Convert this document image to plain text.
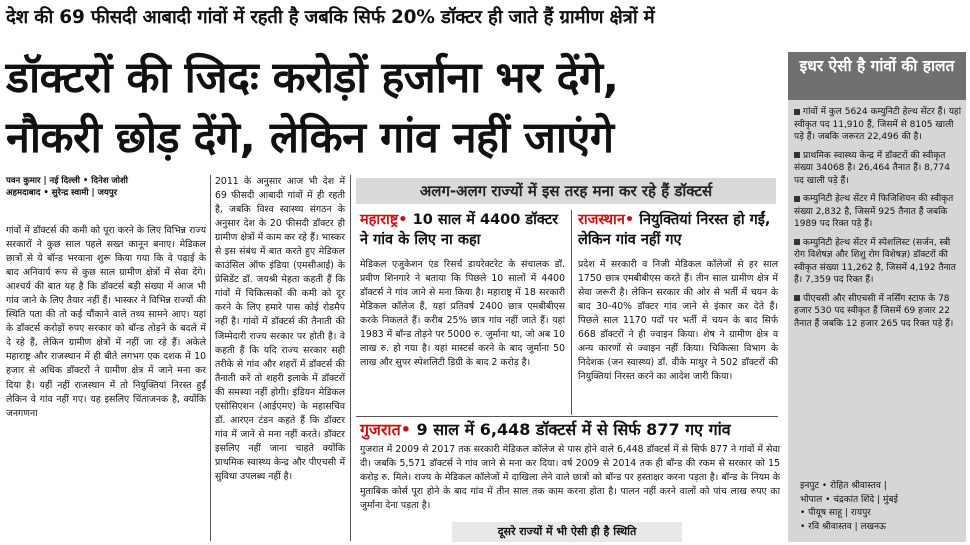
देश की 69 फीसदी आबादी गांवों में रहती है जबकि सिर्फ 20% डॉक्टर ही जाते हैं ग्रामीण क्षेत्रों में
डॉक्टरों की जिदः करोड़ों हर्जाना भर देंगे,
नौकरी छोड़ देंगे, लेकिन गांव नहीं जाएंगे
इधर ऐसी है गांवों की हालत
गांवों में कुल 5624 कम्युनिटी हेल्थ सेंटर हैं। यहां स्वीकृत पद 11,910 हैं, जिसमें से 8105 खाली पड़े हैं। जबकि जरूरत 22,496 की है।
प्राथमिक स्वास्थ्य केन्द्र में डॉक्टरों की स्वीकृत संख्या 34068 है। 26,464 तैनात हैं। 8,774 पद खाली पड़े हैं।
कम्युनिटी हेल्थ सेंटर में फिजिशियन की स्वीकृत संख्या 2,832 है, जिसमें 925 तैनात हैं जबकि 1989 पद रिक्त पड़े हैं।
कम्युनिटी हेल्थ सेंटर में स्पेशलिस्ट (सर्जन, स्त्री रोग विशेषज्ञ और शिशु रोग विशेषज्ञ) डॉक्टरों की स्वीकृत संख्या 11,262 है, जिसमें 4,192 तैनात हैं। 7,359 पद रिक्त हैं।
पीएचसी और सीएचसी में नर्सिंग स्टाफ के 78 हजार 530 पद स्वीकृत हैं जिसमें 69 हजार 22 तैनात हैं जबकि 12 हजार 265 पद रिक्त पड़े हैं।
इनपुट • रोहित श्रीवास्तव |
भोपाल • चंद्रकांत शिंदे | मुंबई
• पीयूष साहू | रायपुर
• रवि श्रीवास्तव | लखनऊ
पवन कुमार | नई दिल्ली • दिनेश जोशी
अहमदाबाद • सुरेन्द्र स्वामी | जयपुर
गांवों में डॉक्टर्स की कमी को पूरा करने के लिए विभिन्न राज्य सरकारों ने कुछ साल पहले सख्त कानून बनाए। मेडिकल छात्रों से ये बॉन्ड भरवाना शुरू किया गया कि वे पढ़ाई के बाद अनिवार्य रूप से कुछ साल ग्रामीण क्षेत्रों में सेवा देंगे। आश्चर्य की बात यह है कि डॉक्टर्स बड़ी संख्या में आज भी गांव जाने के लिए तैयार नहीं हैं। भास्कर ने विभिन्न राज्यों की स्थिति पता की तो कई चौंकाने वाले तथ्य सामने आए। यहां के डॉक्टर्स करोड़ों रुपए सरकार को बॉन्ड तोड़ने के बदले में दे रहे हैं, लेकिन ग्रामीण क्षेत्रों में नहीं जा रहे हैं। अकेले महाराष्ट्र और राजस्थान में ही बीते लगभग एक दशक में 10 हजार से अधिक डॉक्टरों ने ग्रामीण क्षेत्र में जाने मना कर दिया है। यहीं नहीं राजस्थान में तो नियुक्तियां निरस्त हुईं लेकिन वे गांव नहीं गए। यह इसलिए चिंताजनक है, क्योंकि जनगणना
2011 के अनुसार आज भी देश में 69 फीसदी आबादी गांवों में ही रहती है, जबकि विश्व स्वास्थ्य संगठन के अनुसार देश के 20 फीसदी डॉक्टर ही ग्रामीण क्षेत्रों में काम कर रहे हैं। भास्कर से इस संबंध में बात करते हुए मेडिकल काउंसिल ऑफ इंडिया (एमसीआई) के प्रेसिडेंट डॉ. जयश्री मेहता कहती हैं कि गांवों में चिकित्सकों की कमी को दूर करने के लिए हमारे पास कोई रोडमैप नहीं है। गांवों में डॉक्टर्स की तैनाती की जिम्मेदारी राज्य सरकार पर होती है। वे कहती हैं कि यदि राज्य सरकार सही तरीके से गांव और शहरों में डॉक्टर्स की तैनाती करें तो शहरी इलाके में डॉक्टरों की समस्या नहीं होगी। इंडियन मेडिकल एसोसिएशन (आईएमए) के महासचिव डॉ. आरएन टंडन कहते हैं कि डॉक्टर गांव में जाने से मना नहीं करते। डॉक्टर इसलिए नहीं जाना चाहते क्योंकि प्राथमिक स्वास्थ्य केन्द्र और पीएचसी में सुविधा उपलब्ध नहीं है।
अलग-अलग राज्यों में इस तरह मना कर रहे हैं डॉक्टर्स
महाराष्ट्र• 10 साल में 4400 डॉक्टर ने गांव के लिए ना कहा
मेडिकल एजुकेशन एंड रिसर्च डायरेक्टरेट के संचालक डॉ. प्रवीण शिनगारे ने बताया कि पिछले 10 सालों में 4400 डॉक्टर्स ने गांव जाने से मना किया है। महाराष्ट्र में 18 सरकारी मेडिकल कॉलेज हैं, यहां प्रतिवर्ष 2400 छात्र एमबीबीएस करके निकलते हैं। करीब 25% छात्र गांव नहीं जाते हैं। यहां 1983 में बॉन्ड तोड़ने पर 5000 रु. जुर्माना था, जो अब 10 लाख रु. हो गया है। यहां मास्टर्स करने के बाद जुर्माना 50 लाख और सुपर स्पेशलिटी डिग्री के बाद 2 करोड़ है।
राजस्थान• नियुक्तियां निरस्त हो गईं, लेकिन गांव नहीं गए
प्रदेश में सरकारी व निजी मेडिकल कॉलेजों से हर साल 1750 छात्र एमबीबीएस करते हैं। तीन साल ग्रामीण क्षेत्र में सेवा जरूरी है। लेकिन सरकार की ओर से भर्ती में चयन के बाद 30-40% डॉक्टर गांव जाने से इंकार कर देते हैं। पिछले साल 1170 पदों पर भर्ती में चयन के बाद सिर्फ 668 डॉक्टरों ने ही ज्वाइन किया। शेष ने ग्रामीण क्षेत्र व अन्य कारणों से ज्वाइन नहीं किया। चिकित्सा विभाग के निदेशक (जन स्वास्थ्य) डॉ. वीके माथुर ने 502 डॉक्टरों की नियुक्तियां निरस्त करने का आदेश जारी किया।
गुजरात• 9 साल में 6,448 डॉक्टर्स में से सिर्फ 877 गए गांव
गुजरात में 2009 से 2017 तक सरकारी मेडिकल कॉलेज से पास होने वाले 6,448 डॉक्टर्स में से सिर्फ 877 ने गांवों में सेवा दी। जबकि 5,571 डॉक्टर्स ने गांव जाने से मना कर दिया। वर्ष 2009 से 2014 तक ही बॉन्ड की रकम से सरकार को 15 करोड़ रु. मिले। राज्य के मेडिकल कॉलेजों में दाखिला लेने वाले छात्रों को बॉन्ड पर हस्ताक्षर करना पड़ता है। बॉन्ड के नियम के मुताबिक कोर्स पूरा होने के बाद गांव में तीन साल तक काम करना होता है। पालन नहीं करने वालों को पांच लाख रुपए का जुर्माना देना पड़ता है।
दूसरे राज्यों में भी ऐसी ही है स्थिति
